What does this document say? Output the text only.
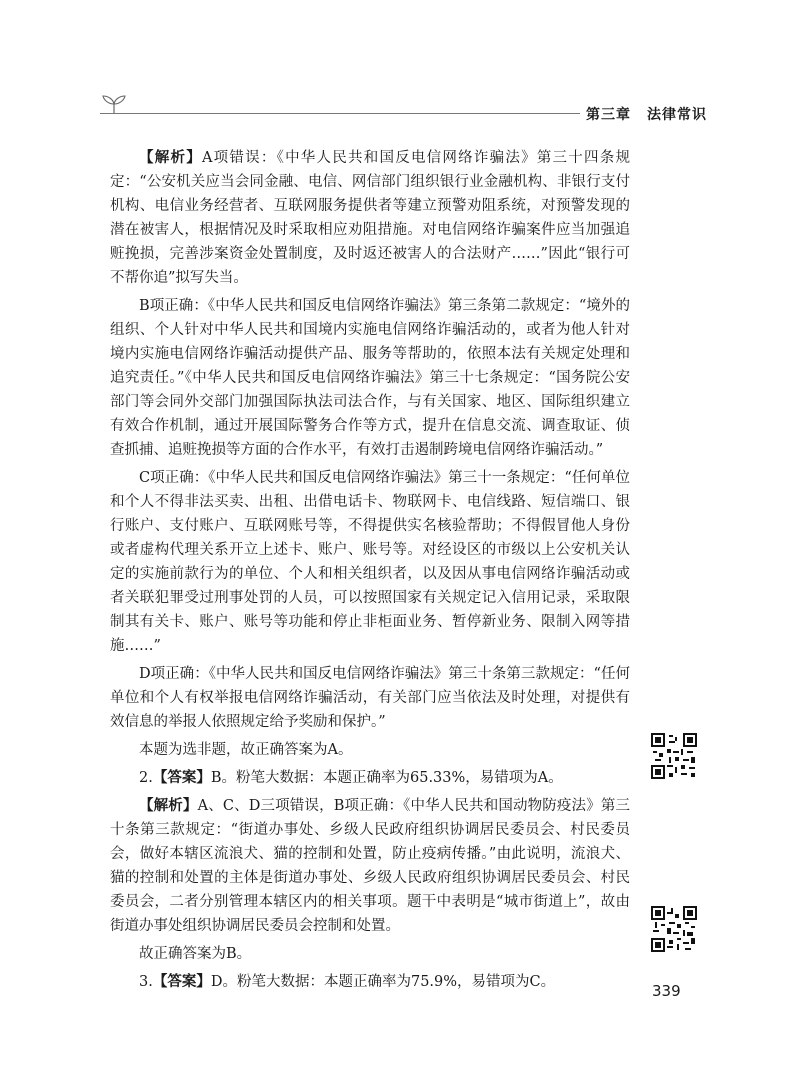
第三章 法律常识

【解析】A项错误：《中华人民共和国反电信网络诈骗法》第三十四条规定：“公安机关应当会同金融、电信、网信部门组织银行业金融机构、非银行支付机构、电信业务经营者、互联网服务提供者等建立预警劝阻系统，对预警发现的潜在被害人，根据情况及时采取相应劝阻措施。对电信网络诈骗案件应当加强追赃挽损，完善涉案资金处置制度，及时返还被害人的合法财产……”因此“银行可不帮你追”拟写失当。

B项正确：《中华人民共和国反电信网络诈骗法》第三条第二款规定：“境外的组织、个人针对中华人民共和国境内实施电信网络诈骗活动的，或者为他人针对境内实施电信网络诈骗活动提供产品、服务等帮助的，依照本法有关规定处理和追究责任。”《中华人民共和国反电信网络诈骗法》第三十七条规定：“国务院公安部门等会同外交部门加强国际执法司法合作，与有关国家、地区、国际组织建立有效合作机制，通过开展国际警务合作等方式，提升在信息交流、调查取证、侦查抓捕、追赃挽损等方面的合作水平，有效打击遏制跨境电信网络诈骗活动。”

C项正确：《中华人民共和国反电信网络诈骗法》第三十一条规定：“任何单位和个人不得非法买卖、出租、出借电话卡、物联网卡、电信线路、短信端口、银行账户、支付账户、互联网账号等，不得提供实名核验帮助；不得假冒他人身份或者虚构代理关系开立上述卡、账户、账号等。对经设区的市级以上公安机关认定的实施前款行为的单位、个人和相关组织者，以及因从事电信网络诈骗活动或者关联犯罪受过刑事处罚的人员，可以按照国家有关规定记入信用记录，采取限制其有关卡、账户、账号等功能和停止非柜面业务、暂停新业务、限制入网等措施……”

D项正确：《中华人民共和国反电信网络诈骗法》第三十条第三款规定：“任何单位和个人有权举报电信网络诈骗活动，有关部门应当依法及时处理，对提供有效信息的举报人依照规定给予奖励和保护。”

本题为选非题，故正确答案为A。

2.【答案】B。粉笔大数据：本题正确率为65.33%，易错项为A。

【解析】A、C、D三项错误，B项正确：《中华人民共和国动物防疫法》第三十条第三款规定：“街道办事处、乡级人民政府组织协调居民委员会、村民委员会，做好本辖区流浪犬、猫的控制和处置，防止疫病传播。”由此说明，流浪犬、猫的控制和处置的主体是街道办事处、乡级人民政府组织协调居民委员会、村民委员会，二者分别管理本辖区内的相关事项。题干中表明是“城市街道上”，故由街道办事处组织协调居民委员会控制和处置。

故正确答案为B。

3.【答案】D。粉笔大数据：本题正确率为75.9%，易错项为C。	339
